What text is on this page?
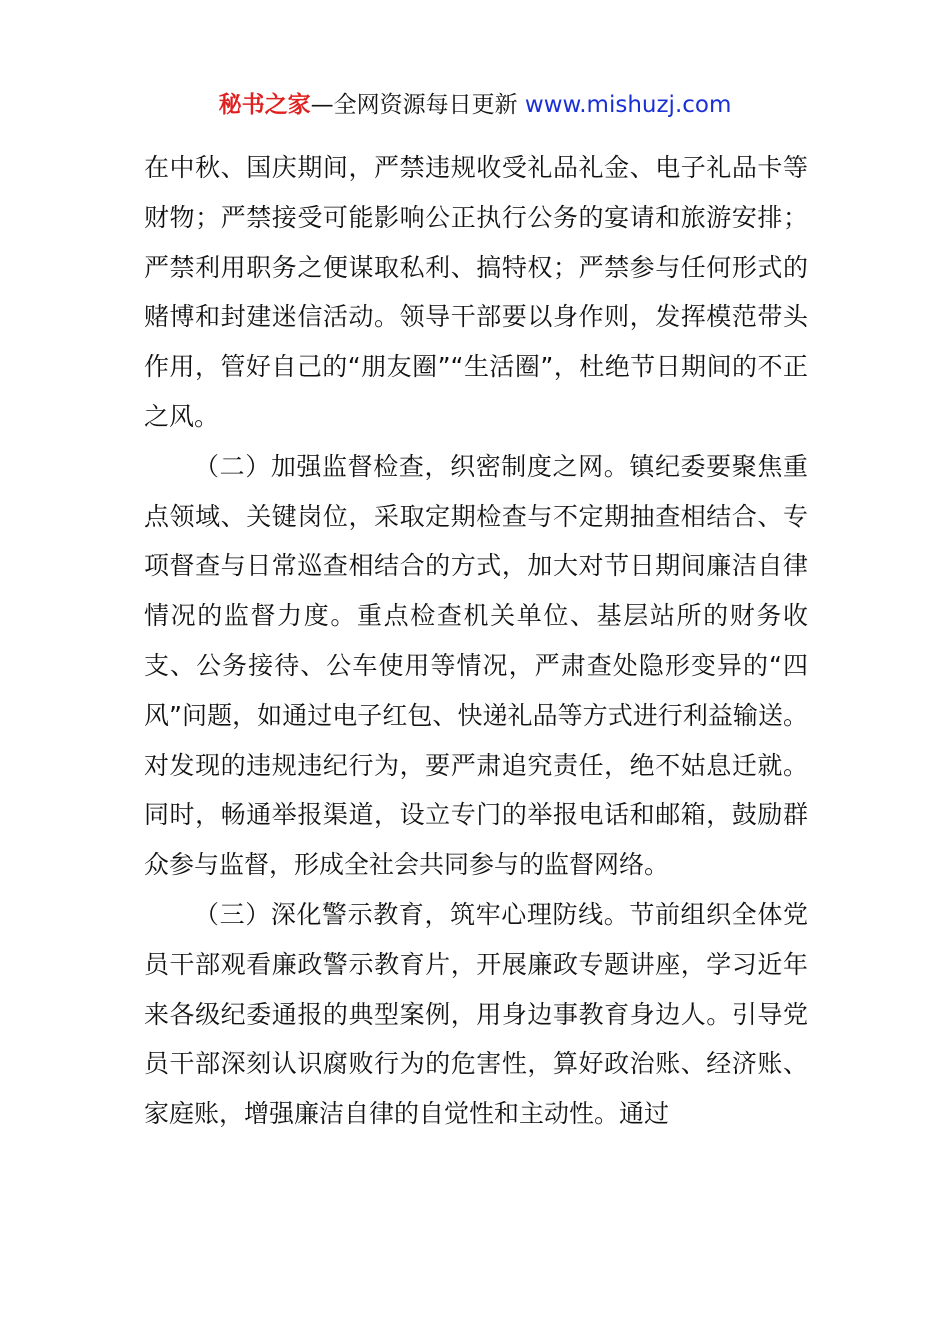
秘书之家—全网资源每日更新 www.mishuzj.com

在中秋、国庆期间，严禁违规收受礼品礼金、电子礼品卡等财物；严禁接受可能影响公正执行公务的宴请和旅游安排；严禁利用职务之便谋取私利、搞特权；严禁参与任何形式的赌博和封建迷信活动。领导干部要以身作则，发挥模范带头作用，管好自己的“朋友圈”“生活圈”，杜绝节日期间的不正之风。

（二）加强监督检查，织密制度之网。镇纪委要聚焦重点领域、关键岗位，采取定期检查与不定期抽查相结合、专项督查与日常巡查相结合的方式，加大对节日期间廉洁自律情况的监督力度。重点检查机关单位、基层站所的财务收支、公务接待、公车使用等情况，严肃查处隐形变异的“四风”问题，如通过电子红包、快递礼品等方式进行利益输送。对发现的违规违纪行为，要严肃追究责任，绝不姑息迁就。同时，畅通举报渠道，设立专门的举报电话和邮箱，鼓励群众参与监督，形成全社会共同参与的监督网络。

（三）深化警示教育，筑牢心理防线。节前组织全体党员干部观看廉政警示教育片，开展廉政专题讲座，学习近年来各级纪委通报的典型案例，用身边事教育身边人。引导党员干部深刻认识腐败行为的危害性，算好政治账、经济账、家庭账，增强廉洁自律的自觉性和主动性。通过
